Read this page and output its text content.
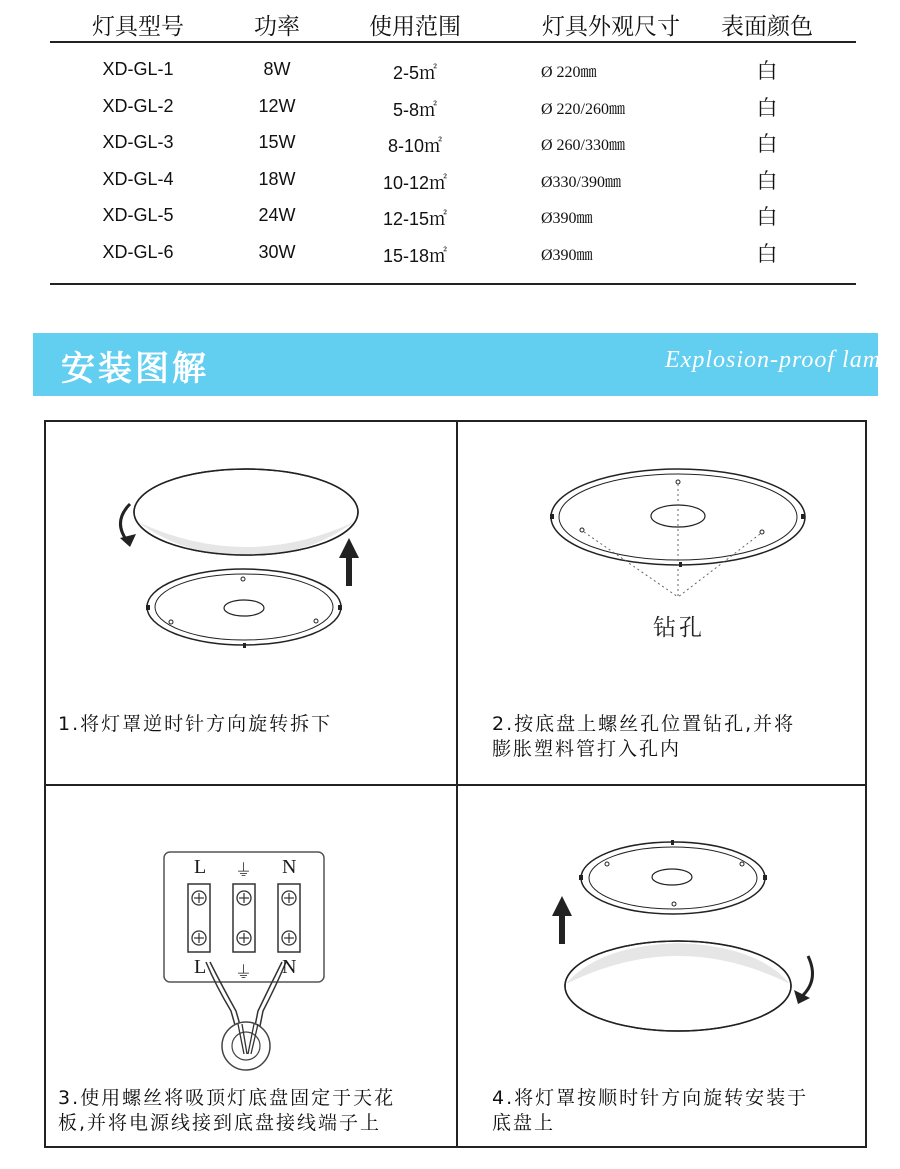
灯具型号	功率	使用范围	灯具外观尺寸 表面颜色
XD-GL-1	8W	2-5㎡	Ø 220㎜	白
XD-GL-2	12W	5-8㎡	Ø 220/260㎜	白
XD-GL-3	15W	8-10㎡	Ø 260/330㎜	白
XD-GL-4	18W	10-12㎡	Ø330/390㎜	白
XD-GL-5	24W	12-15㎡	Ø390㎜	白
XD-GL-6	30W	15-18㎡	Ø390㎜	白
安装图解	Explosion-proof lamp
1.将灯罩逆时针方向旋转拆下
钻孔
2.按底盘上螺丝孔位置钻孔,并将
膨胀塑料管打入孔内
L ⏚ N
L ⏚ N
3.使用螺丝将吸顶灯底盘固定于天花
板,并将电源线接到底盘接线端子上
4.将灯罩按顺时针方向旋转安装于
底盘上
